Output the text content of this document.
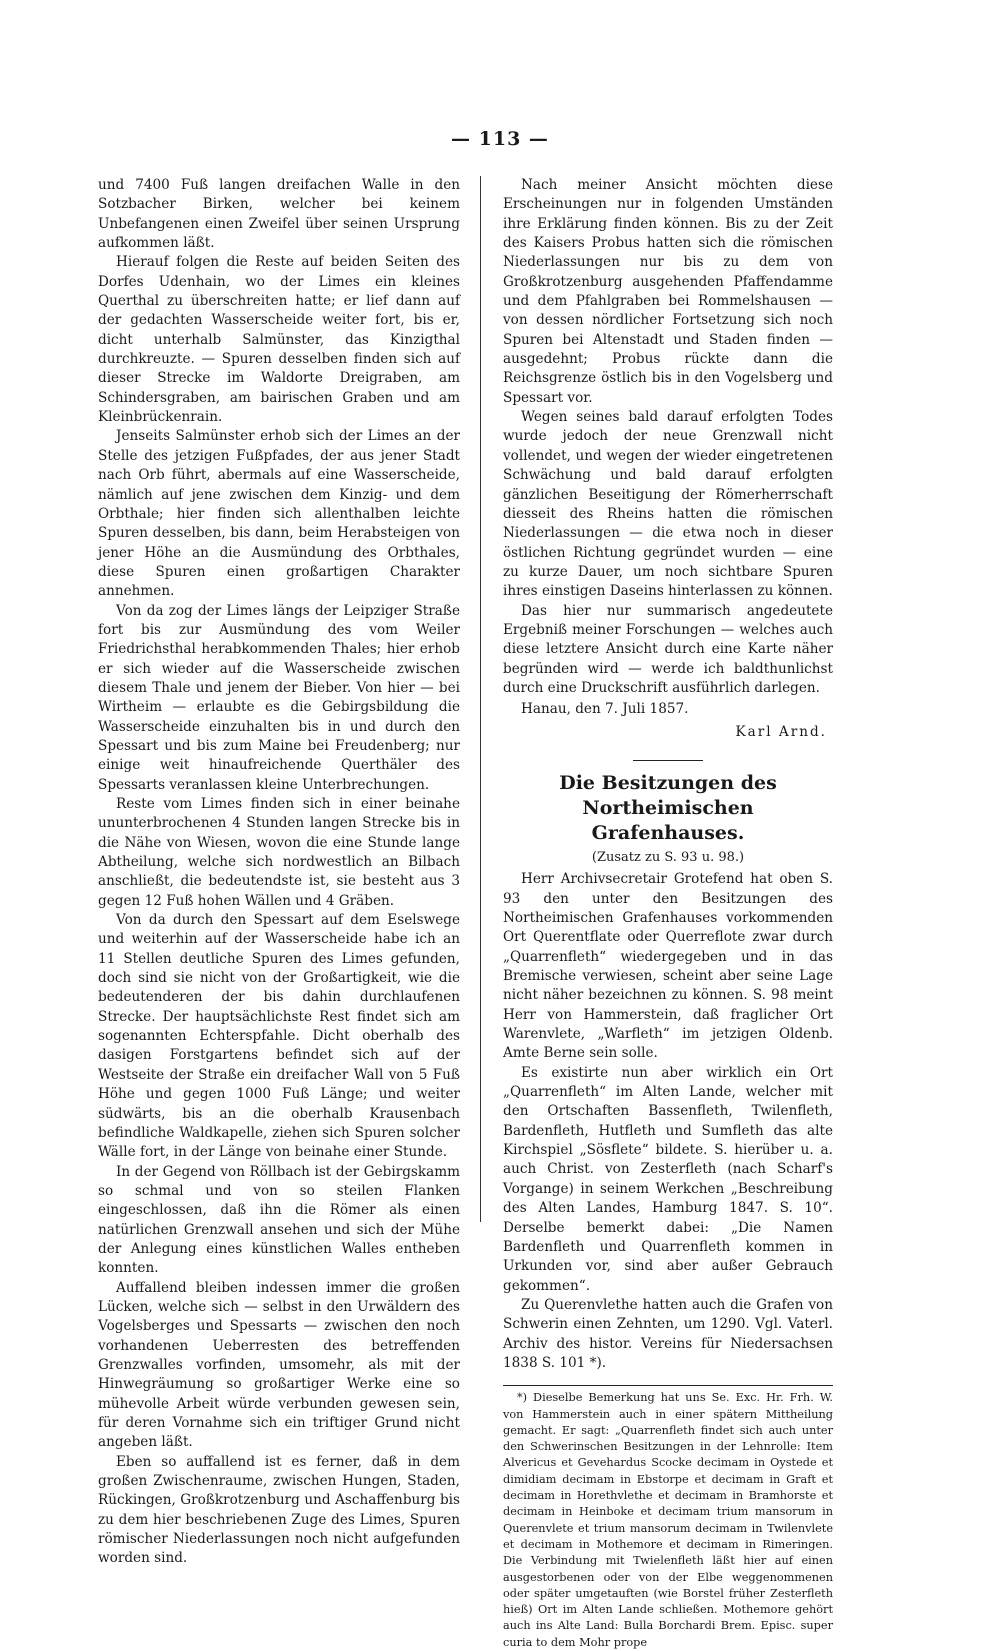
— 113 —

und 7400 Fuß langen dreifachen Walle in den Sotzbacher Birken, welcher bei keinem Unbefangenen einen Zweifel über seinen Ursprung aufkommen läßt.

Hierauf folgen die Reste auf beiden Seiten des Dorfes Udenhain, wo der Limes ein kleines Querthal zu überschreiten hatte; er lief dann auf der gedachten Wasserscheide weiter fort, bis er, dicht unterhalb Salmünster, das Kinzigthal durchkreuzte. — Spuren desselben finden sich auf dieser Strecke im Waldorte Dreigraben, am Schindersgraben, am bairischen Graben und am Kleinbrückenrain.

Jenseits Salmünster erhob sich der Limes an der Stelle des jetzigen Fußpfades, der aus jener Stadt nach Orb führt, abermals auf eine Wasserscheide, nämlich auf jene zwischen dem Kinzig- und dem Orbthale; hier finden sich allenthalben leichte Spuren desselben, bis dann, beim Herabsteigen von jener Höhe an die Ausmündung des Orbthales, diese Spuren einen großartigen Charakter annehmen.

Von da zog der Limes längs der Leipziger Straße fort bis zur Ausmündung des vom Weiler Friedrichsthal herabkommenden Thales; hier erhob er sich wieder auf die Wasserscheide zwischen diesem Thale und jenem der Bieber. Von hier — bei Wirtheim — erlaubte es die Gebirgsbildung die Wasserscheide einzuhalten bis in und durch den Spessart und bis zum Maine bei Freudenberg; nur einige weit hinaufreichende Querthäler des Spessarts veranlassen kleine Unterbrechungen.

Reste vom Limes finden sich in einer beinahe ununterbrochenen 4 Stunden langen Strecke bis in die Nähe von Wiesen, wovon die eine Stunde lange Abtheilung, welche sich nordwestlich an Bilbach anschließt, die bedeutendste ist, sie besteht aus 3 gegen 12 Fuß hohen Wällen und 4 Gräben.

Von da durch den Spessart auf dem Eselswege und weiterhin auf der Wasserscheide habe ich an 11 Stellen deutliche Spuren des Limes gefunden, doch sind sie nicht von der Großartigkeit, wie die bedeutenderen der bis dahin durchlaufenen Strecke. Der hauptsächlichste Rest findet sich am sogenannten Echterspfahle. Dicht oberhalb des dasigen Forstgartens befindet sich auf der Westseite der Straße ein dreifacher Wall von 5 Fuß Höhe und gegen 1000 Fuß Länge; und weiter südwärts, bis an die oberhalb Krausenbach befindliche Waldkapelle, ziehen sich Spuren solcher Wälle fort, in der Länge von beinahe einer Stunde.

In der Gegend von Röllbach ist der Gebirgskamm so schmal und von so steilen Flanken eingeschlossen, daß ihn die Römer als einen natürlichen Grenzwall ansehen und sich der Mühe der Anlegung eines künstlichen Walles entheben konnten.

Auffallend bleiben indessen immer die großen Lücken, welche sich — selbst in den Urwäldern des Vogelsberges und Spessarts — zwischen den noch vorhandenen Ueberresten des betreffenden Grenzwalles vorfinden, umsomehr, als mit der Hinwegräumung so großartiger Werke eine so mühevolle Arbeit würde verbunden gewesen sein, für deren Vornahme sich ein triftiger Grund nicht angeben läßt.

Eben so auffallend ist es ferner, daß in dem großen Zwischenraume, zwischen Hungen, Staden, Rückingen, Großkrotzenburg und Aschaffenburg bis zu dem hier beschriebenen Zuge des Limes, Spuren römischer Niederlassungen noch nicht aufgefunden worden sind.

Nach meiner Ansicht möchten diese Erscheinungen nur in folgenden Umständen ihre Erklärung finden können. Bis zu der Zeit des Kaisers Probus hatten sich die römischen Niederlassungen nur bis zu dem von Großkrotzenburg ausgehenden Pfaffendamme und dem Pfahlgraben bei Rommelshausen — von dessen nördlicher Fortsetzung sich noch Spuren bei Altenstadt und Staden finden — ausgedehnt; Probus rückte dann die Reichsgrenze östlich bis in den Vogelsberg und Spessart vor.

Wegen seines bald darauf erfolgten Todes wurde jedoch der neue Grenzwall nicht vollendet, und wegen der wieder eingetretenen Schwächung und bald darauf erfolgten gänzlichen Beseitigung der Römerherrschaft diesseit des Rheins hatten die römischen Niederlassungen — die etwa noch in dieser östlichen Richtung gegründet wurden — eine zu kurze Dauer, um noch sichtbare Spuren ihres einstigen Daseins hinterlassen zu können.

Das hier nur summarisch angedeutete Ergebniß meiner Forschungen — welches auch diese letztere Ansicht durch eine Karte näher begründen wird — werde ich baldthunlichst durch eine Druckschrift ausführlich darlegen.

Hanau, den 7. Juli 1857.
Karl Arnd.
Die Besitzungen des Northeimischen Grafenhauses.
(Zusatz zu S. 93 u. 98.)

Herr Archivsecretair Grotefend hat oben S. 93 den unter den Besitzungen des Northeimischen Grafenhauses vorkommenden Ort Querentflate oder Querreflote zwar durch „Quarrenfleth“ wiedergegeben und in das Bremische verwiesen, scheint aber seine Lage nicht näher bezeichnen zu können. S. 98 meint Herr von Hammerstein, daß fraglicher Ort Warenvlete, „Warfleth“ im jetzigen Oldenb. Amte Berne sein solle.

Es existirte nun aber wirklich ein Ort „Quarrenfleth“ im Alten Lande, welcher mit den Ortschaften Bassenfleth, Twilenfleth, Bardenfleth, Hutfleth und Sumfleth das alte Kirchspiel „Sösflete“ bildete. S. hierüber u. a. auch Christ. von Zesterfleth (nach Scharf's Vorgange) in seinem Werkchen „Beschreibung des Alten Landes, Hamburg 1847. S. 10“. Derselbe bemerkt dabei: „Die Namen Bardenfleth und Quarrenfleth kommen in Urkunden vor, sind aber außer Gebrauch gekommen“.

Zu Querenvlethe hatten auch die Grafen von Schwerin einen Zehnten, um 1290. Vgl. Vaterl. Archiv des histor. Vereins für Niedersachsen 1838 S. 101 *).

*) Dieselbe Bemerkung hat uns Se. Exc. Hr. Frh. W. von Hammerstein auch in einer spätern Mittheilung gemacht. Er sagt: „Quarrenfleth findet sich auch unter den Schwerinschen Besitzungen in der Lehnrolle: Item Alvericus et Gevehardus Scocke decimam in Oystede et dimidiam decimam in Ebstorpe et decimam in Graft et decimam in Horethvlethe et decimam in Bramhorste et decimam in Heinboke et decimam trium mansorum in Querenvlete et trium mansorum decimam in Twilenvlete et decimam in Mothemore et decimam in Rimeringen. Die Verbindung mit Twielenfleth läßt hier auf einen ausgestorbenen oder von der Elbe weggenommenen oder später umgetauften (wie Borstel früher Zesterfleth hieß) Ort im Alten Lande schließen. Mothemore gehört auch ins Alte Land: Bulla Borchardi Brem. Episc. super curia to dem Mohr prope
